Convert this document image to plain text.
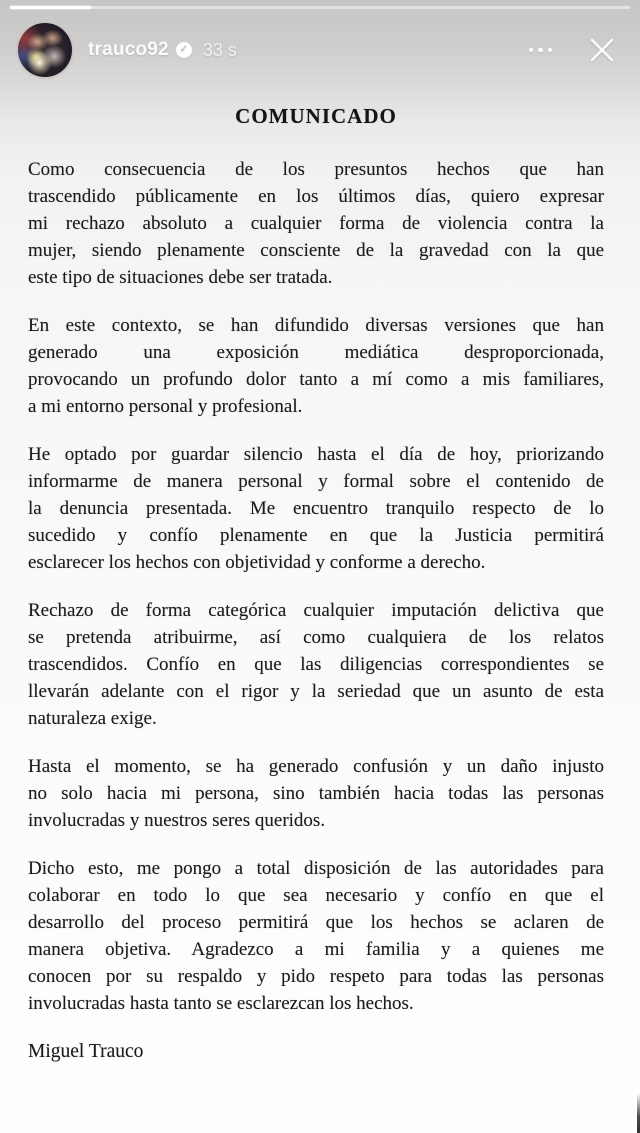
trauco92	✓ 33 s
COMUNICADO

Como consecuencia de los presuntos hechos que han
trascendido públicamente en los últimos días, quiero expresar
mi rechazo absoluto a cualquier forma de violencia contra la
mujer, siendo plenamente consciente de la gravedad con la que
este tipo de situaciones debe ser tratada.

En este contexto, se han difundido diversas versiones que han
generado una exposición mediática desproporcionada,
provocando un profundo dolor tanto a mí como a mis familiares,
a mi entorno personal y profesional.

He optado por guardar silencio hasta el día de hoy, priorizando
informarme de manera personal y formal sobre el contenido de
la denuncia presentada. Me encuentro tranquilo respecto de lo
sucedido y confío plenamente en que la Justicia permitirá
esclarecer los hechos con objetividad y conforme a derecho.

Rechazo de forma categórica cualquier imputación delictiva que
se pretenda atribuirme, así como cualquiera de los relatos
trascendidos. Confío en que las diligencias correspondientes se
llevarán adelante con el rigor y la seriedad que un asunto de esta
naturaleza exige.

Hasta el momento, se ha generado confusión y un daño injusto
no solo hacia mi persona, sino también hacia todas las personas
involucradas y nuestros seres queridos.

Dicho esto, me pongo a total disposición de las autoridades para
colaborar en todo lo que sea necesario y confío en que el
desarrollo del proceso permitirá que los hechos se aclaren de
manera objetiva. Agradezco a mi familia y a quienes me
conocen por su respaldo y pido respeto para todas las personas
involucradas hasta tanto se esclarezcan los hechos.

Miguel Trauco
